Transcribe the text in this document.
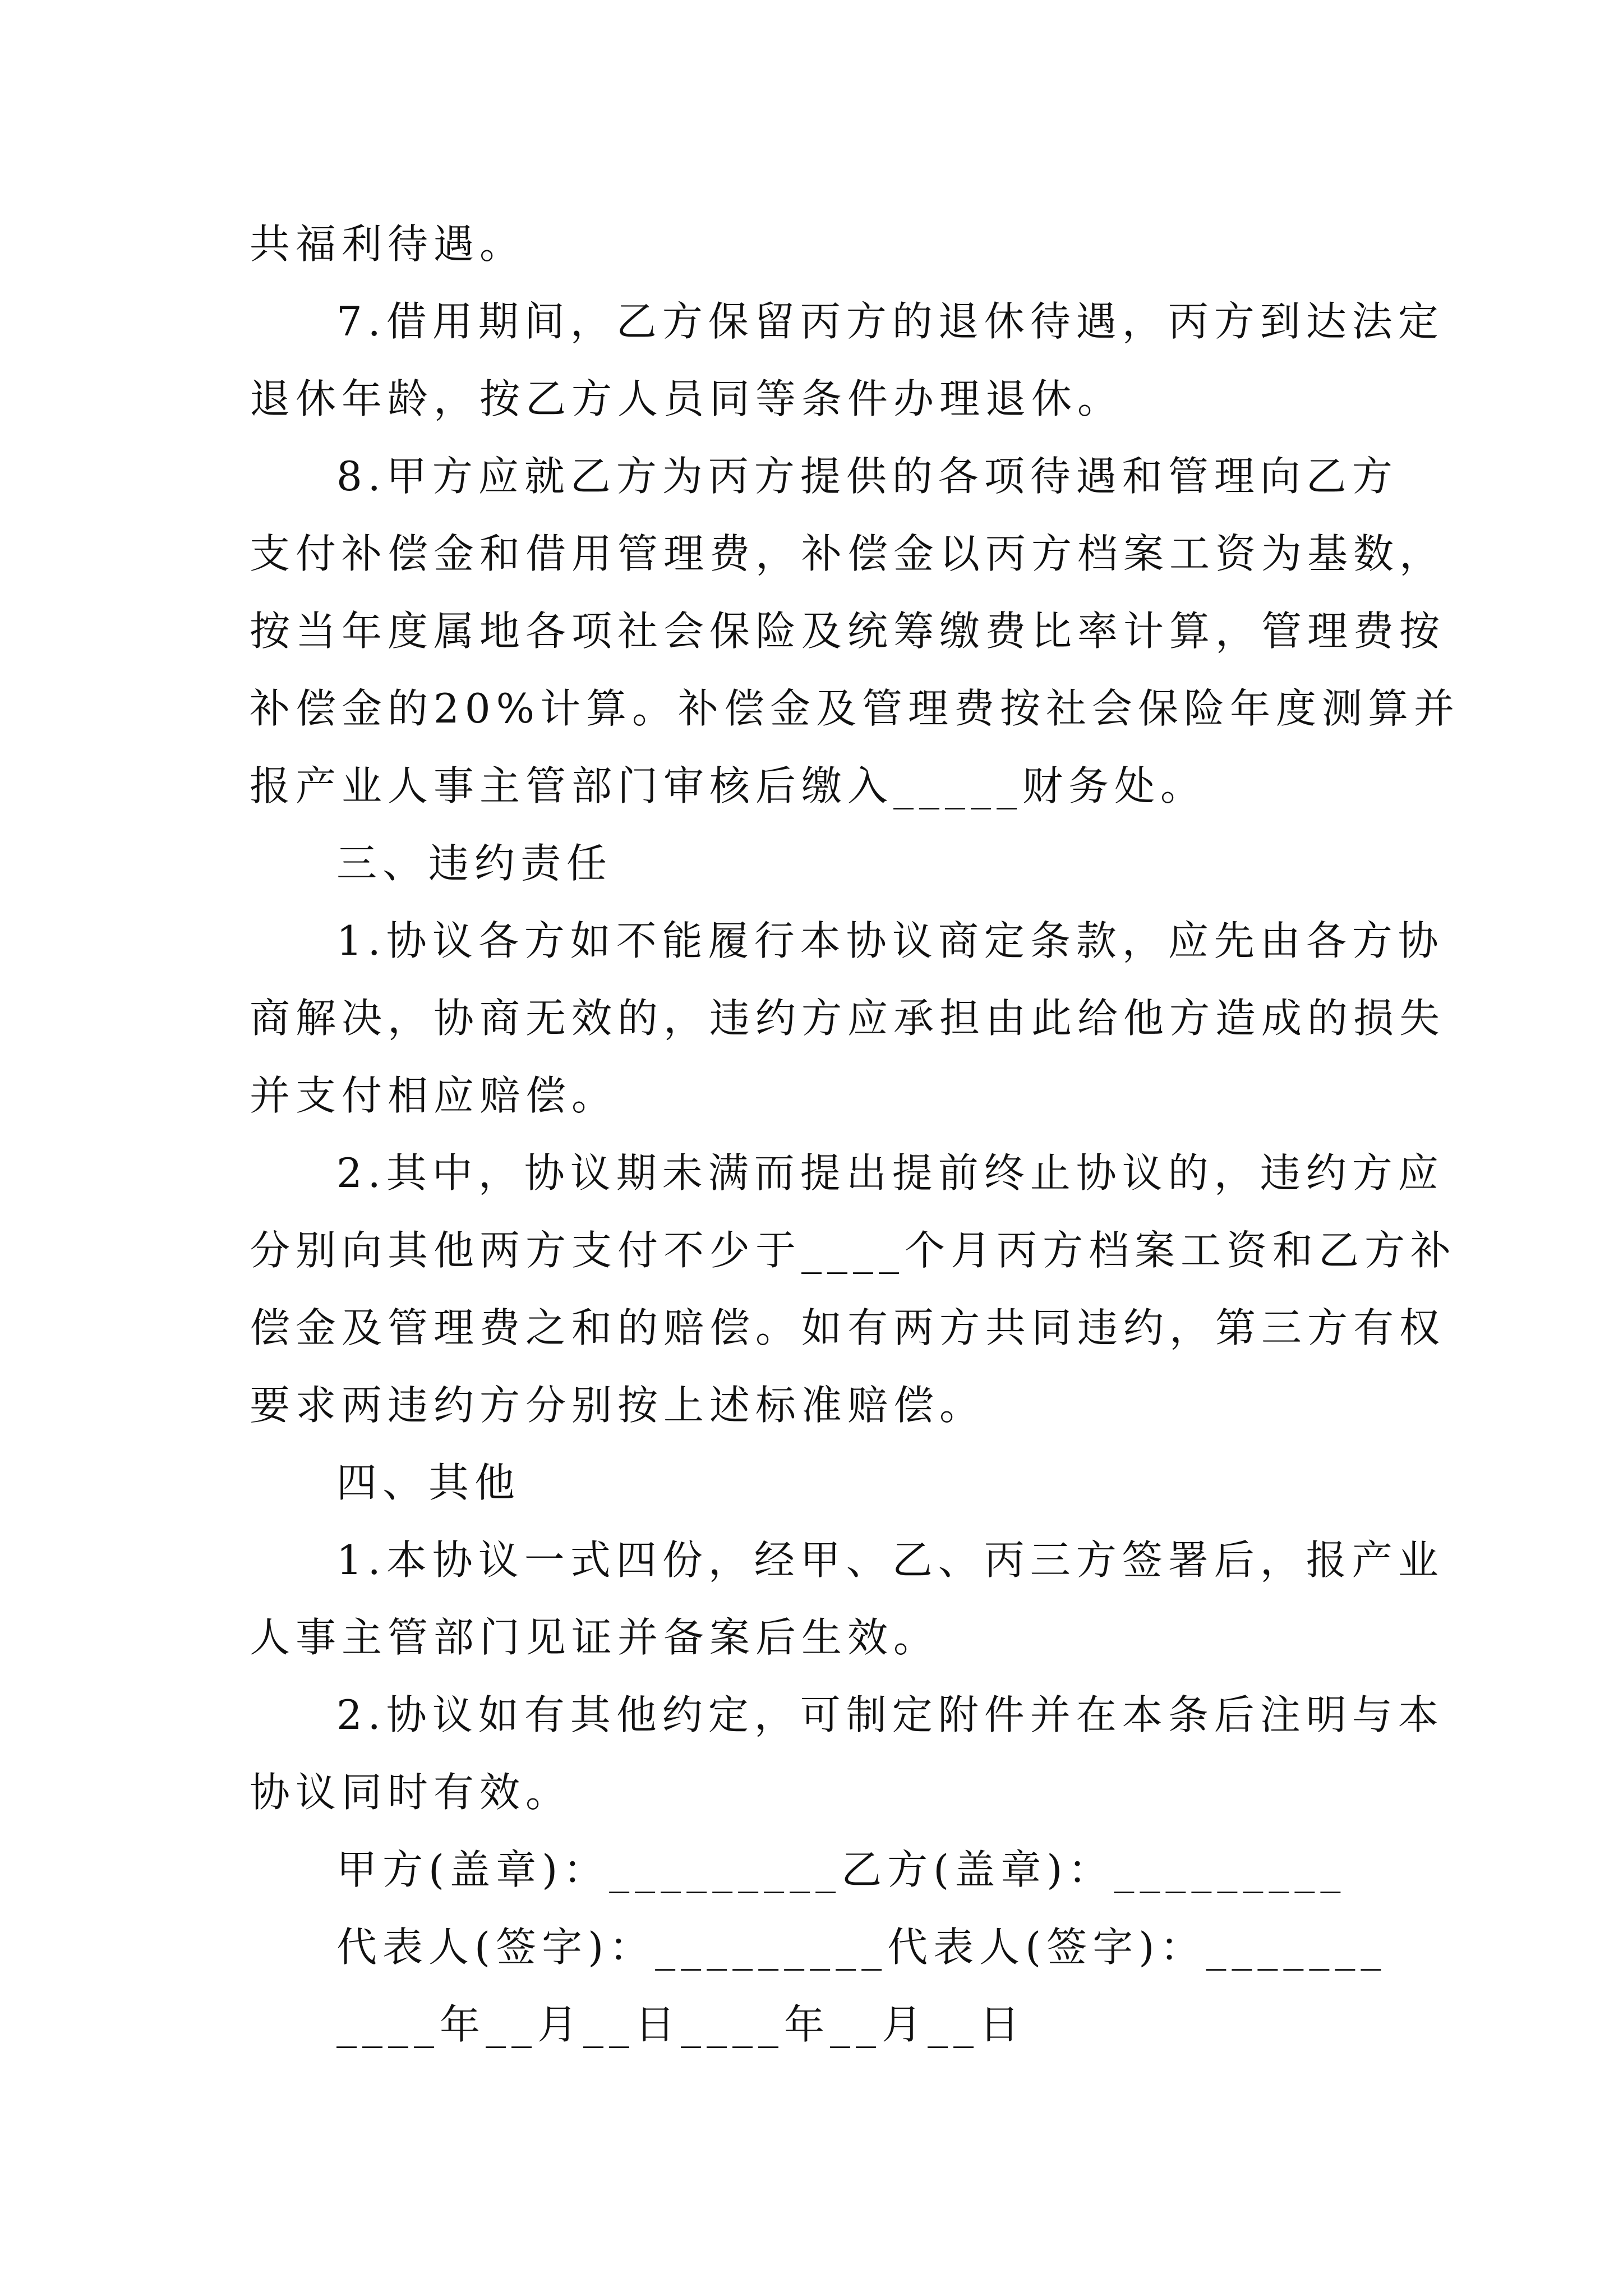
共福利待遇。
7.借用期间，乙方保留丙方的退休待遇，丙方到达法定
退休年龄，按乙方人员同等条件办理退休。
8.甲方应就乙方为丙方提供的各项待遇和管理向乙方
支付补偿金和借用管理费，补偿金以丙方档案工资为基数，
按当年度属地各项社会保险及统筹缴费比率计算，管理费按
补偿金的20%计算。补偿金及管理费按社会保险年度测算并
报产业人事主管部门审核后缴入_____财务处。
三、违约责任
1.协议各方如不能履行本协议商定条款，应先由各方协
商解决，协商无效的，违约方应承担由此给他方造成的损失
并支付相应赔偿。
2.其中，协议期未满而提出提前终止协议的，违约方应
分别向其他两方支付不少于____个月丙方档案工资和乙方补
偿金及管理费之和的赔偿。如有两方共同违约，第三方有权
要求两违约方分别按上述标准赔偿。
四、其他
1.本协议一式四份，经甲、乙、丙三方签署后，报产业
人事主管部门见证并备案后生效。
2.协议如有其他约定，可制定附件并在本条后注明与本
协议同时有效。
甲方(盖章)：_________乙方(盖章)：_________
代表人(签字)：_________代表人(签字)：_______
____年__月__日____年__月__日
